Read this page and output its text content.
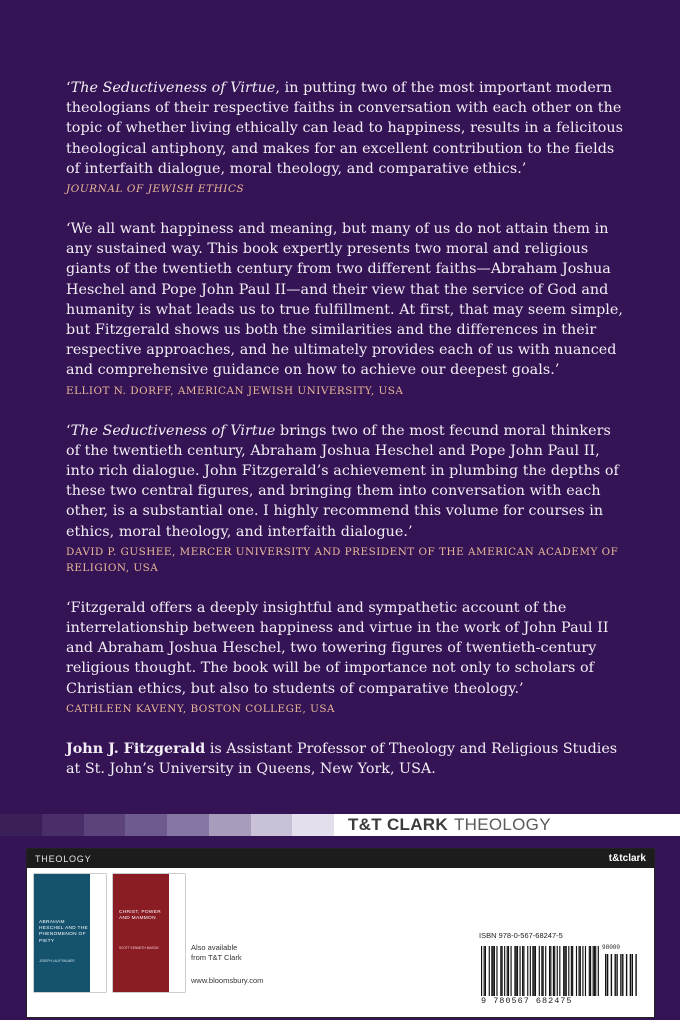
‘The Seductiveness of Virtue, in putting two of the most important modern theologians of their respective faiths in conversation with each other on the topic of whether living ethically can lead to happiness, results in a felicitous theological antiphony, and makes for an excellent contribution to the fields of interfaith dialogue, moral theology, and comparative ethics.’
JOURNAL OF JEWISH ETHICS
‘We all want happiness and meaning, but many of us do not attain them in any sustained way. This book expertly presents two moral and religious giants of the twentieth century from two different faiths—Abraham Joshua Heschel and Pope John Paul II—and their view that the service of God and humanity is what leads us to true fulfillment. At first, that may seem simple, but Fitzgerald shows us both the similarities and the differences in their respective approaches, and he ultimately provides each of us with nuanced and comprehensive guidance on how to achieve our deepest goals.’
ELLIOT N. DORFF, AMERICAN JEWISH UNIVERSITY, USA
‘The Seductiveness of Virtue brings two of the most fecund moral thinkers of the twentieth century, Abraham Joshua Heschel and Pope John Paul II, into rich dialogue. John Fitzgerald’s achievement in plumbing the depths of these two central figures, and bringing them into conversation with each other, is a substantial one. I highly recommend this volume for courses in ethics, moral theology, and interfaith dialogue.’
DAVID P. GUSHEE, MERCER UNIVERSITY AND PRESIDENT OF THE AMERICAN ACADEMY OF RELIGION, USA
‘Fitzgerald offers a deeply insightful and sympathetic account of the interrelationship between happiness and virtue in the work of John Paul II and Abraham Joshua Heschel, two towering figures of twentieth-century religious thought. The book will be of importance not only to scholars of Christian ethics, but also to students of comparative theology.’
CATHLEEN KAVENY, BOSTON COLLEGE, USA
John J. Fitzgerald is Assistant Professor of Theology and Religious Studies at St. John’s University in Queens, New York, USA.
T&T CLARK THEOLOGY
THEOLOGY	t&tclark
ABRAHAM HESCHEL AND THE PHENOMENON OF PIETY
JOSEPH LAUF PALMER
CHRIST, POWER AND MAMMON
SCOTT KENNETH MASON	Also available
from T&T Clark
www.bloomsbury.com
ISBN 978-0-567-68247-5
98000
9 780567 682475
